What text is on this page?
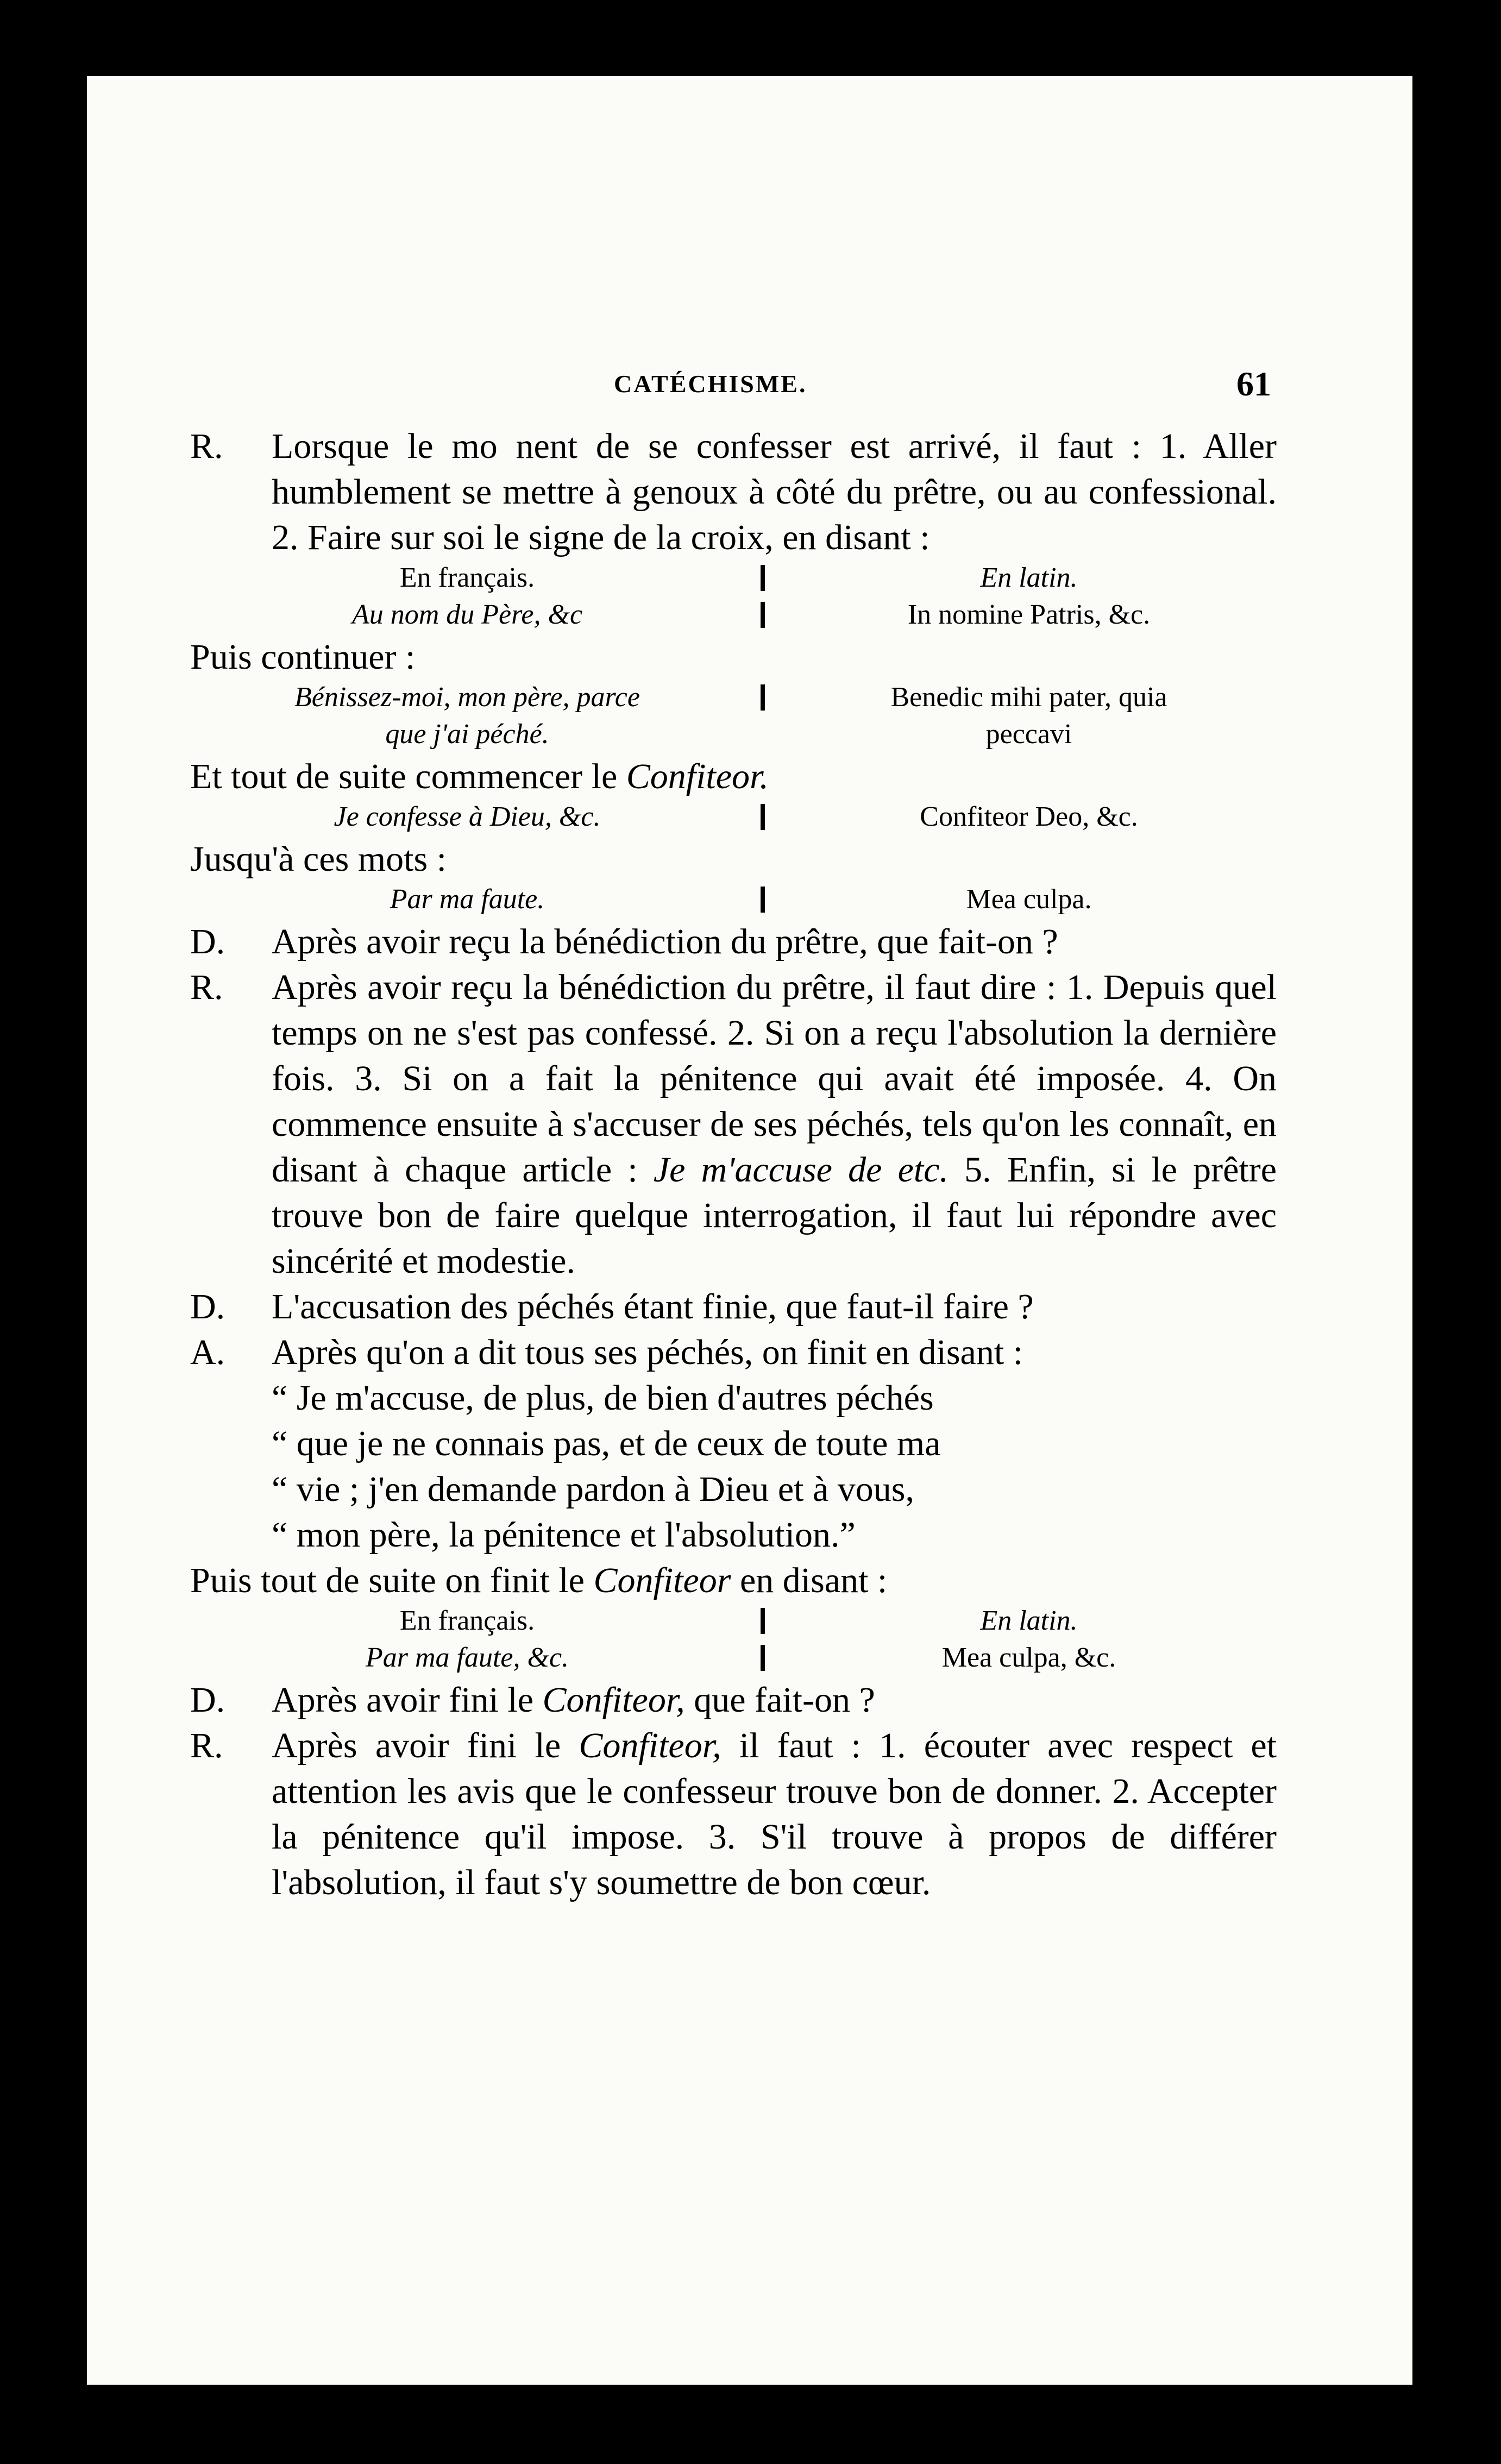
CATÉCHISME.	61
R. Lorsque le mo nent de se confesser est arrivé, il faut : 1. Aller humblement se mettre à genoux à côté du prêtre, ou au confessional. 2. Faire sur soi le signe de la croix, en disant :
En français.	En latin.
Au nom du Père, &c	In nomine Patris, &c.
Puis continuer :
Bénissez-moi, mon père, parce	Benedic mihi pater, quia
que j'ai péché.	peccavi
Et tout de suite commencer le Confiteor.
Je confesse à Dieu, &c.	Confiteor Deo, &c.
Jusqu'à ces mots :
Par ma faute.	Mea culpa.
D. Après avoir reçu la bénédiction du prêtre, que fait-on ?
R. Après avoir reçu la bénédiction du prêtre, il faut dire : 1. Depuis quel temps on ne s'est pas confessé. 2. Si on a reçu l'absolution la dernière fois. 3. Si on a fait la pénitence qui avait été imposée. 4. On commence ensuite à s'accuser de ses péchés, tels qu'on les connaît, en disant à chaque article : Je m'accuse de etc. 5. Enfin, si le prêtre trouve bon de faire quelque interrogation, il faut lui répondre avec sincérité et modestie.
D. L'accusation des péchés étant finie, que faut-il faire ?
A. Après qu'on a dit tous ses péchés, on finit en disant :
“ Je m'accuse, de plus, de bien d'autres péchés
“ que je ne connais pas, et de ceux de toute ma
“ vie ; j'en demande pardon à Dieu et à vous,
“ mon père, la pénitence et l'absolution.”
Puis tout de suite on finit le Confiteor en disant :
En français.	En latin.
Par ma faute, &c.	Mea culpa, &c.
D. Après avoir fini le Confiteor, que fait-on ?
R. Après avoir fini le Confiteor, il faut : 1. écouter avec respect et attention les avis que le confesseur trouve bon de donner. 2. Accepter la pénitence qu'il impose. 3. S'il trouve à propos de différer l'absolution, il faut s'y soumettre de bon cœur.
